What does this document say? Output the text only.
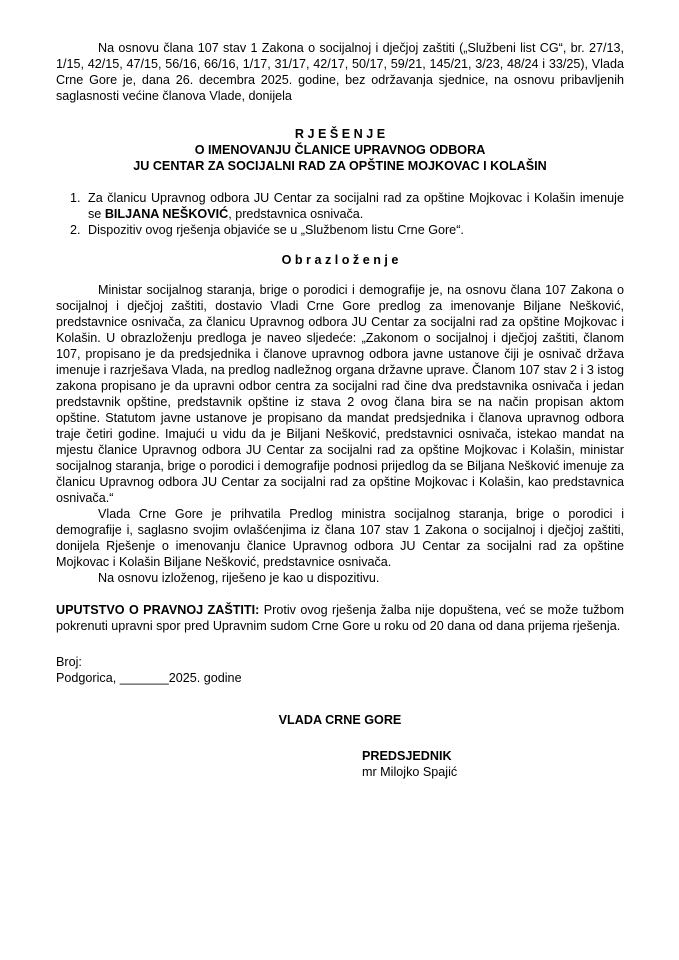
Na osnovu člana 107 stav 1 Zakona o socijalnoj i dječjoj zaštiti („Službeni list CG“, br. 27/13, 1/15, 42/15, 47/15, 56/16, 66/16, 1/17, 31/17, 42/17, 50/17, 59/21, 145/21, 3/23, 48/24 i 33/25), Vlada Crne Gore je, dana 26. decembra 2025. godine, bez održavanja sjednice, na osnovu pribavljenih saglasnosti većine članova Vlade, donijela

R J E Š E N J E
O IMENOVANJU ČLANICE UPRAVNOG ODBORA
JU CENTAR ZA SOCIJALNI RAD ZA OPŠTINE MOJKOVAC I KOLAŠIN
1. Za članicu Upravnog odbora JU Centar za socijalni rad za opštine Mojkovac i Kolašin imenuje se BILJANA NEŠKOVIĆ, predstavnica osnivača.
2. Dispozitiv ovog rješenja objaviće se u „Službenom listu Crne Gore“.
O b r a z l o ž e n j e

Ministar socijalnog staranja, brige o porodici i demografije je, na osnovu člana 107 Zakona o socijalnoj i dječjoj zaštiti, dostavio Vladi Crne Gore predlog za imenovanje Biljane Nešković, predstavnice osnivača, za članicu Upravnog odbora JU Centar za socijalni rad za opštine Mojkovac i Kolašin. U obrazloženju predloga je naveo sljedeće: „Zakonom o socijalnoj i dječjoj zaštiti, članom 107, propisano je da predsjednika i članove upravnog odbora javne ustanove čiji je osnivač država imenuje i razrješava Vlada, na predlog nadležnog organa državne uprave. Članom 107 stav 2 i 3 istog zakona propisano je da upravni odbor centra za socijalni rad čine dva predstavnika osnivača i jedan predstavnik opštine, predstavnik opštine iz stava 2 ovog člana bira se na način propisan aktom opštine. Statutom javne ustanove je propisano da mandat predsjednika i članova upravnog odbora traje četiri godine. Imajući u vidu da je Biljani Nešković, predstavnici osnivača, istekao mandat na mjestu članice Upravnog odbora JU Centar za socijalni rad za opštine Mojkovac i Kolašin, ministar socijalnog staranja, brige o porodici i demografije podnosi prijedlog da se Biljana Nešković imenuje za članicu Upravnog odbora JU Centar za socijalni rad za opštine Mojkovac i Kolašin, kao predstavnica osnivača.“

Vlada Crne Gore je prihvatila Predlog ministra socijalnog staranja, brige o porodici i demografije i, saglasno svojim ovlašćenjima iz člana 107 stav 1 Zakona o socijalnoj i dječjoj zaštiti, donijela Rješenje o imenovanju članice Upravnog odbora JU Centar za socijalni rad za opštine Mojkovac i Kolašin Biljane Nešković, predstavnice osnivača.

Na osnovu izloženog, riješeno je kao u dispozitivu.

UPUTSTVO O PRAVNOJ ZAŠTITI: Protiv ovog rješenja žalba nije dopuštena, već se može tužbom pokrenuti upravni spor pred Upravnim sudom Crne Gore u roku od 20 dana od dana prijema rješenja.

Broj:
Podgorica, _______2025. godine
VLADA CRNE GORE
PREDSJEDNIK
mr Milojko Spajić
